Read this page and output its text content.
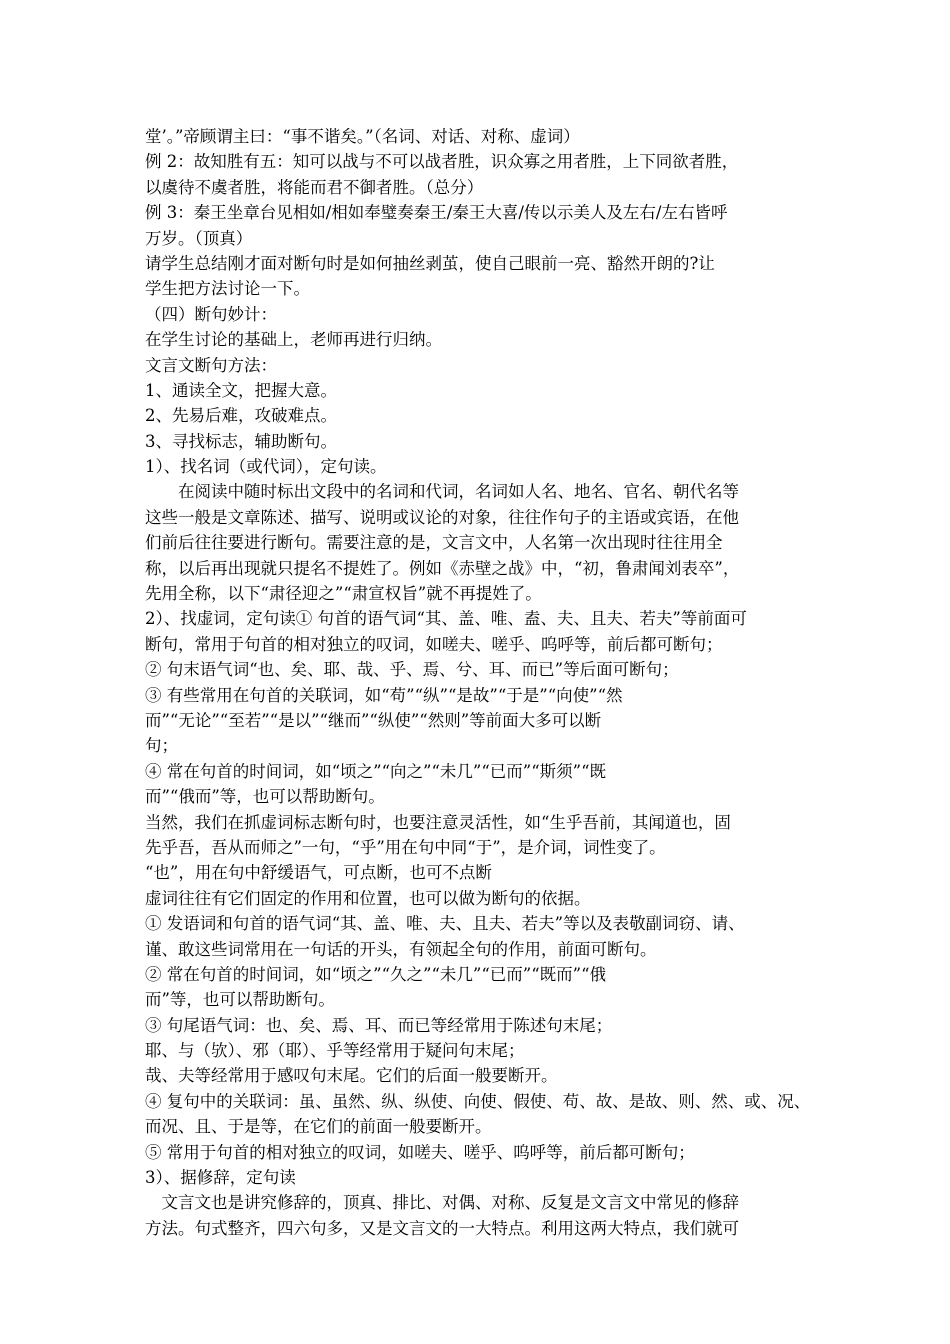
堂’。”帝顾谓主曰：“事不谐矣。”（名词、对话、对称、虚词）
例 2：故知胜有五：知可以战与不可以战者胜，识众寡之用者胜，上下同欲者胜，
以虞待不虞者胜，将能而君不御者胜。（总分）
例 3：秦王坐章台见相如/相如奉璧奏秦王/秦王大喜/传以示美人及左右/左右皆呼
万岁。（顶真）
请学生总结刚才面对断句时是如何抽丝剥茧，使自己眼前一亮、豁然开朗的?让
学生把方法讨论一下。
（四）断句妙计：
在学生讨论的基础上，老师再进行归纳。
文言文断句方法：
1、通读全文，把握大意。
2、先易后难，攻破难点。
3、寻找标志，辅助断句。
1）、找名词（或代词），定句读。
在阅读中随时标出文段中的名词和代词，名词如人名、地名、官名、朝代名等
这些一般是文章陈述、描写、说明或议论的对象，往往作句子的主语或宾语，在他
们前后往往要进行断句。需要注意的是，文言文中，人名第一次出现时往往用全
称，以后再出现就只提名不提姓了。例如《赤壁之战》中，“初，鲁肃闻刘表卒”，
先用全称，以下“肃径迎之”“肃宣权旨”就不再提姓了。
2）、找虚词，定句读① 句首的语气词“其、盖、唯、盍、夫、且夫、若夫”等前面可
断句，常用于句首的相对独立的叹词，如嗟夫、嗟乎、呜呼等，前后都可断句；
② 句末语气词“也、矣、耶、哉、乎、焉、兮、耳、而已”等后面可断句；
③ 有些常用在句首的关联词，如“苟”“纵”“是故”“于是”“向使”“然
而”“无论”“至若”“是以”“继而”“纵使”“然则”等前面大多可以断
句；
④ 常在句首的时间词，如“顷之”“向之”“未几”“已而”“斯须”“既
而”“俄而”等，也可以帮助断句。
当然，我们在抓虚词标志断句时，也要注意灵活性，如“生乎吾前，其闻道也，固
先乎吾，吾从而师之”一句，“乎”用在句中同“于”，是介词，词性变了。
“也”，用在句中舒缓语气，可点断，也可不点断
虚词往往有它们固定的作用和位置，也可以做为断句的依据。
① 发语词和句首的语气词“其、盖、唯、夫、且夫、若夫”等以及表敬副词窃、请、
谨、敢这些词常用在一句话的开头，有领起全句的作用，前面可断句。
② 常在句首的时间词，如“顷之”“久之”“未几”“已而”“既而”“俄
而”等，也可以帮助断句。
③ 句尾语气词：也、矣、焉、耳、而已等经常用于陈述句末尾；
耶、与（欤）、邪（耶）、乎等经常用于疑问句末尾；
哉、夫等经常用于感叹句末尾。它们的后面一般要断开。
④ 复句中的关联词：虽、虽然、纵、纵使、向使、假使、苟、故、是故、则、然、或、况、
而况、且、于是等，在它们的前面一般要断开。
⑤ 常用于句首的相对独立的叹词，如嗟夫、嗟乎、呜呼等，前后都可断句；
3）、据修辞，定句读
文言文也是讲究修辞的，顶真、排比、对偶、对称、反复是文言文中常见的修辞
方法。句式整齐，四六句多，又是文言文的一大特点。利用这两大特点，我们就可
